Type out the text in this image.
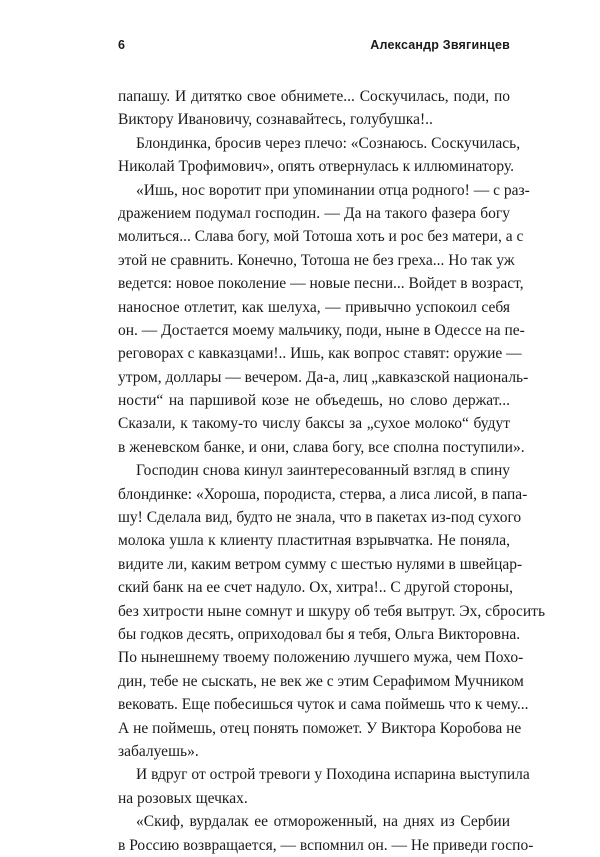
6	Александр Звягинцев
папашу. И дитятко свое обнимете... Соскучилась, поди, по
Виктору Ивановичу, сознавайтесь, голубушка!..
Блондинка, бросив через плечо: «Сознаюсь. Соскучилась,
Николай Трофимович», опять отвернулась к иллюминатору.
«Ишь, нос воротит при упоминании отца родного! — с раз-
дражением подумал господин. — Да на такого фазера богу
молиться... Слава богу, мой Тотоша хоть и рос без матери, а с
этой не сравнить. Конечно, Тотоша не без греха... Но так уж
ведется: новое поколение — новые песни... Войдет в возраст,
наносное отлетит, как шелуха, — привычно успокоил себя
он. — Достается моему мальчику, поди, ныне в Одессе на пе-
реговорах с кавказцами!.. Ишь, как вопрос ставят: оружие —
утром, доллары — вечером. Да-а, лиц „кавказской националь-
ности“ на паршивой козе не объедешь, но слово держат...
Сказали, к такому-то числу баксы за „сухое молоко“ будут
в женевском банке, и они, слава богу, все сполна поступили».
Господин снова кинул заинтересованный взгляд в спину
блондинке: «Хороша, породиста, стерва, а лиса лисой, в папа-
шу! Сделала вид, будто не знала, что в пакетах из-под сухого
молока ушла к клиенту пластитная взрывчатка. Не поняла,
видите ли, каким ветром сумму с шестью нулями в швейцар-
ский банк на ее счет надуло. Ох, хитра!.. С другой стороны,
без хитрости ныне сомнут и шкуру об тебя вытрут. Эх, сбросить
бы годков десять, оприходовал бы я тебя, Ольга Викторовна.
По нынешнему твоему положению лучшего мужа, чем Похо-
дин, тебе не сыскать, не век же с этим Серафимом Мучником
вековать. Еще побесишься чуток и сама поймешь что к чему...
А не поймешь, отец понять поможет. У Виктора Коробова не
забалуешь».
И вдруг от острой тревоги у Походина испарина выступила
на розовых щечках.
«Скиф, вурдалак ее отмороженный, на днях из Сербии
в Россию возвращается, — вспомнил он. — Не приведи госпо-
